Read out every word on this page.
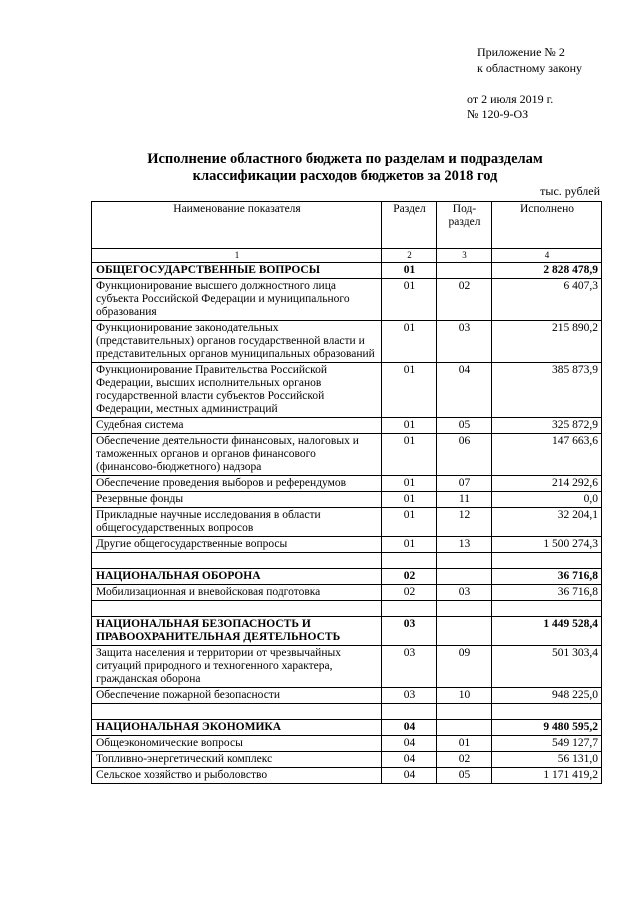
Приложение № 2
к областному закону
от 2 июля 2019 г.
№ 120-9-ОЗ
Исполнение областного бюджета по разделам и подразделам
классификации расходов бюджетов за 2018 год
тыс. рублей
Наименование показателя	Раздел	Под-раздел	Исполнено
1	2	3	4
ОБЩЕГОСУДАРСТВЕННЫЕ ВОПРОСЫ	01		2 828 478,9
Функционирование высшего должностного лица субъекта Российской Федерации и муниципального образования	01	02	6 407,3
Функционирование законодательных (представительных) органов государственной власти и представительных органов муниципальных образований	01	03	215 890,2
Функционирование Правительства Российской Федерации, высших исполнительных органов государственной власти субъектов Российской Федерации, местных администраций	01	04	385 873,9
Судебная система	01	05	325 872,9
Обеспечение деятельности финансовых, налоговых и таможенных органов и органов финансового (финансово-бюджетного) надзора	01	06	147 663,6
Обеспечение проведения выборов и референдумов	01	07	214 292,6
Резервные фонды	01	11	0,0
Прикладные научные исследования в области общегосударственных вопросов	01	12	32 204,1
Другие общегосударственные вопросы	01	13	1 500 274,3

НАЦИОНАЛЬНАЯ ОБОРОНА	02		36 716,8
Мобилизационная и вневойсковая подготовка	02	03	36 716,8

НАЦИОНАЛЬНАЯ БЕЗОПАСНОСТЬ И ПРАВООХРАНИТЕЛЬНАЯ ДЕЯТЕЛЬНОСТЬ	03		1 449 528,4
Защита населения и территории от чрезвычайных ситуаций природного и техногенного характера, гражданская оборона	03	09	501 303,4
Обеспечение пожарной безопасности	03	10	948 225,0

НАЦИОНАЛЬНАЯ ЭКОНОМИКА	04		9 480 595,2
Общеэкономические вопросы	04	01	549 127,7
Топливно-энергетический комплекс	04	02	56 131,0
Сельское хозяйство и рыболовство	04	05	1 171 419,2
